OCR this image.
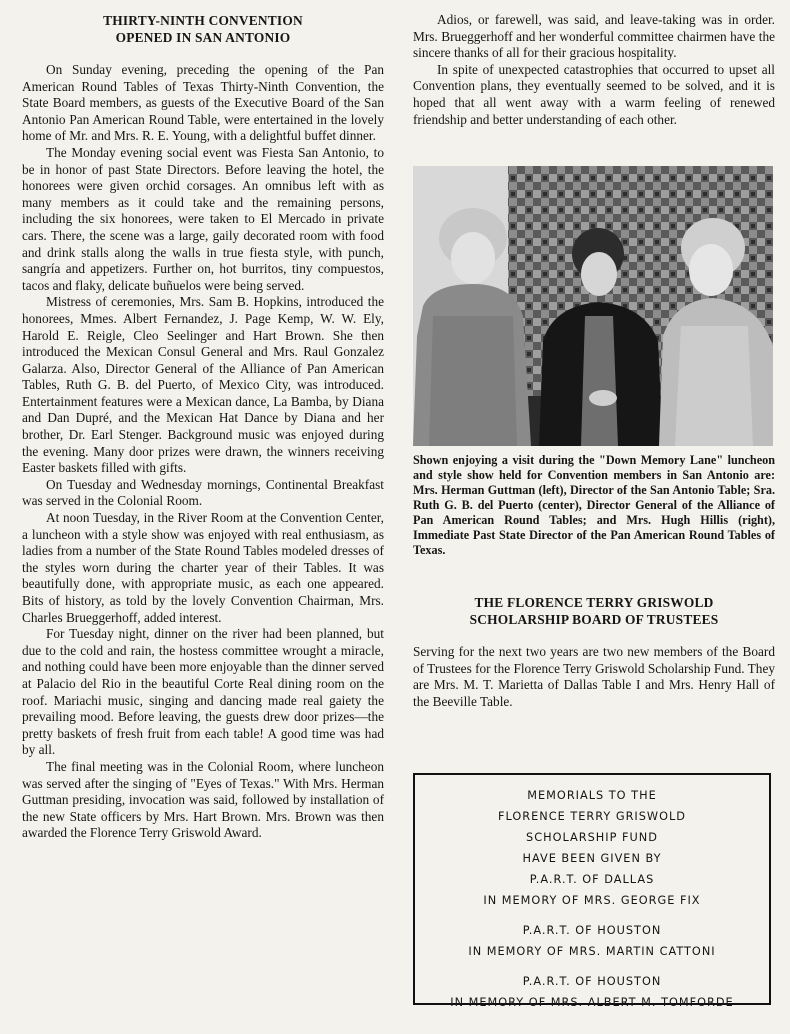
THIRTY-NINTH CONVENTION
OPENED IN SAN ANTONIO

On Sunday evening, preceding the opening of the Pan American Round Tables of Texas Thirty-Ninth Convention, the State Board members, as guests of the Executive Board of the San Antonio Pan American Round Table, were entertained in the lovely home of Mr. and Mrs. R. E. Young, with a delightful buffet dinner.

The Monday evening social event was Fiesta San Antonio, to be in honor of past State Directors. Before leaving the hotel, the honorees were given orchid corsages. An omnibus left with as many members as it could take and the remaining persons, including the six honorees, were taken to El Mercado in private cars. There, the scene was a large, gaily decorated room with food and drink stalls along the walls in true fiesta style, with punch, sangría and appetizers. Further on, hot burritos, tiny compuestos, tacos and flaky, delicate buñuelos were being served.

Mistress of ceremonies, Mrs. Sam B. Hopkins, introduced the honorees, Mmes. Albert Fernandez, J. Page Kemp, W. W. Ely, Harold E. Reigle, Cleo Seelinger and Hart Brown. She then introduced the Mexican Consul General and Mrs. Raul Gonzalez Galarza. Also, Director General of the Alliance of Pan American Tables, Ruth G. B. del Puerto, of Mexico City, was introduced. Entertainment features were a Mexican dance, La Bamba, by Diana and Dan Dupré, and the Mexican Hat Dance by Diana and her brother, Dr. Earl Stenger. Background music was enjoyed during the evening. Many door prizes were drawn, the winners receiving Easter baskets filled with gifts.

On Tuesday and Wednesday mornings, Continental Breakfast was served in the Colonial Room.

At noon Tuesday, in the River Room at the Convention Center, a luncheon with a style show was enjoyed with real enthusiasm, as ladies from a number of the State Round Tables modeled dresses of the styles worn during the charter year of their Tables. It was beautifully done, with appropriate music, as each one appeared. Bits of history, as told by the lovely Convention Chairman, Mrs. Charles Brueggerhoff, added interest.

For Tuesday night, dinner on the river had been planned, but due to the cold and rain, the hostess committee wrought a miracle, and nothing could have been more enjoyable than the dinner served at Palacio del Rio in the beautiful Corte Real dining room on the roof. Mariachi music, singing and dancing made real gaiety the prevailing mood. Before leaving, the guests drew door prizes—the pretty baskets of fresh fruit from each table! A good time was had by all.

The final meeting was in the Colonial Room, where luncheon was served after the singing of "Eyes of Texas." With Mrs. Herman Guttman presiding, invocation was said, followed by installation of the new State officers by Mrs. Hart Brown. Mrs. Brown was then awarded the Florence Terry Griswold Award.

Adios, or farewell, was said, and leave-taking was in order. Mrs. Brueggerhoff and her wonderful committee chairmen have the sincere thanks of all for their gracious hospitality.

In spite of unexpected catastrophies that occurred to upset all Convention plans, they eventually seemed to be solved, and it is hoped that all went away with a warm feeling of renewed friendship and better understanding of each other.

Shown enjoying a visit during the "Down Memory Lane" luncheon and style show held for Convention members in San Antonio are: Mrs. Herman Guttman (left), Director of the San Antonio Table; Sra. Ruth G. B. del Puerto (center), Director General of the Alliance of Pan American Round Tables; and Mrs. Hugh Hillis (right), Immediate Past State Director of the Pan American Round Tables of Texas.
THE FLORENCE TERRY GRISWOLD
SCHOLARSHIP BOARD OF TRUSTEES

Serving for the next two years are two new members of the Board of Trustees for the Florence Terry Griswold Scholarship Fund. They are Mrs. M. T. Marietta of Dallas Table I and Mrs. Henry Hall of the Beeville Table.

MEMORIALS TO THE
FLORENCE TERRY GRISWOLD
SCHOLARSHIP FUND
HAVE BEEN GIVEN BY
P.A.R.T. OF DALLAS
IN MEMORY OF MRS. GEORGE FIX
P.A.R.T. OF HOUSTON
IN MEMORY OF MRS. MARTIN CATTONI
P.A.R.T. OF HOUSTON
IN MEMORY OF MRS. ALBERT M. TOMFORDE
